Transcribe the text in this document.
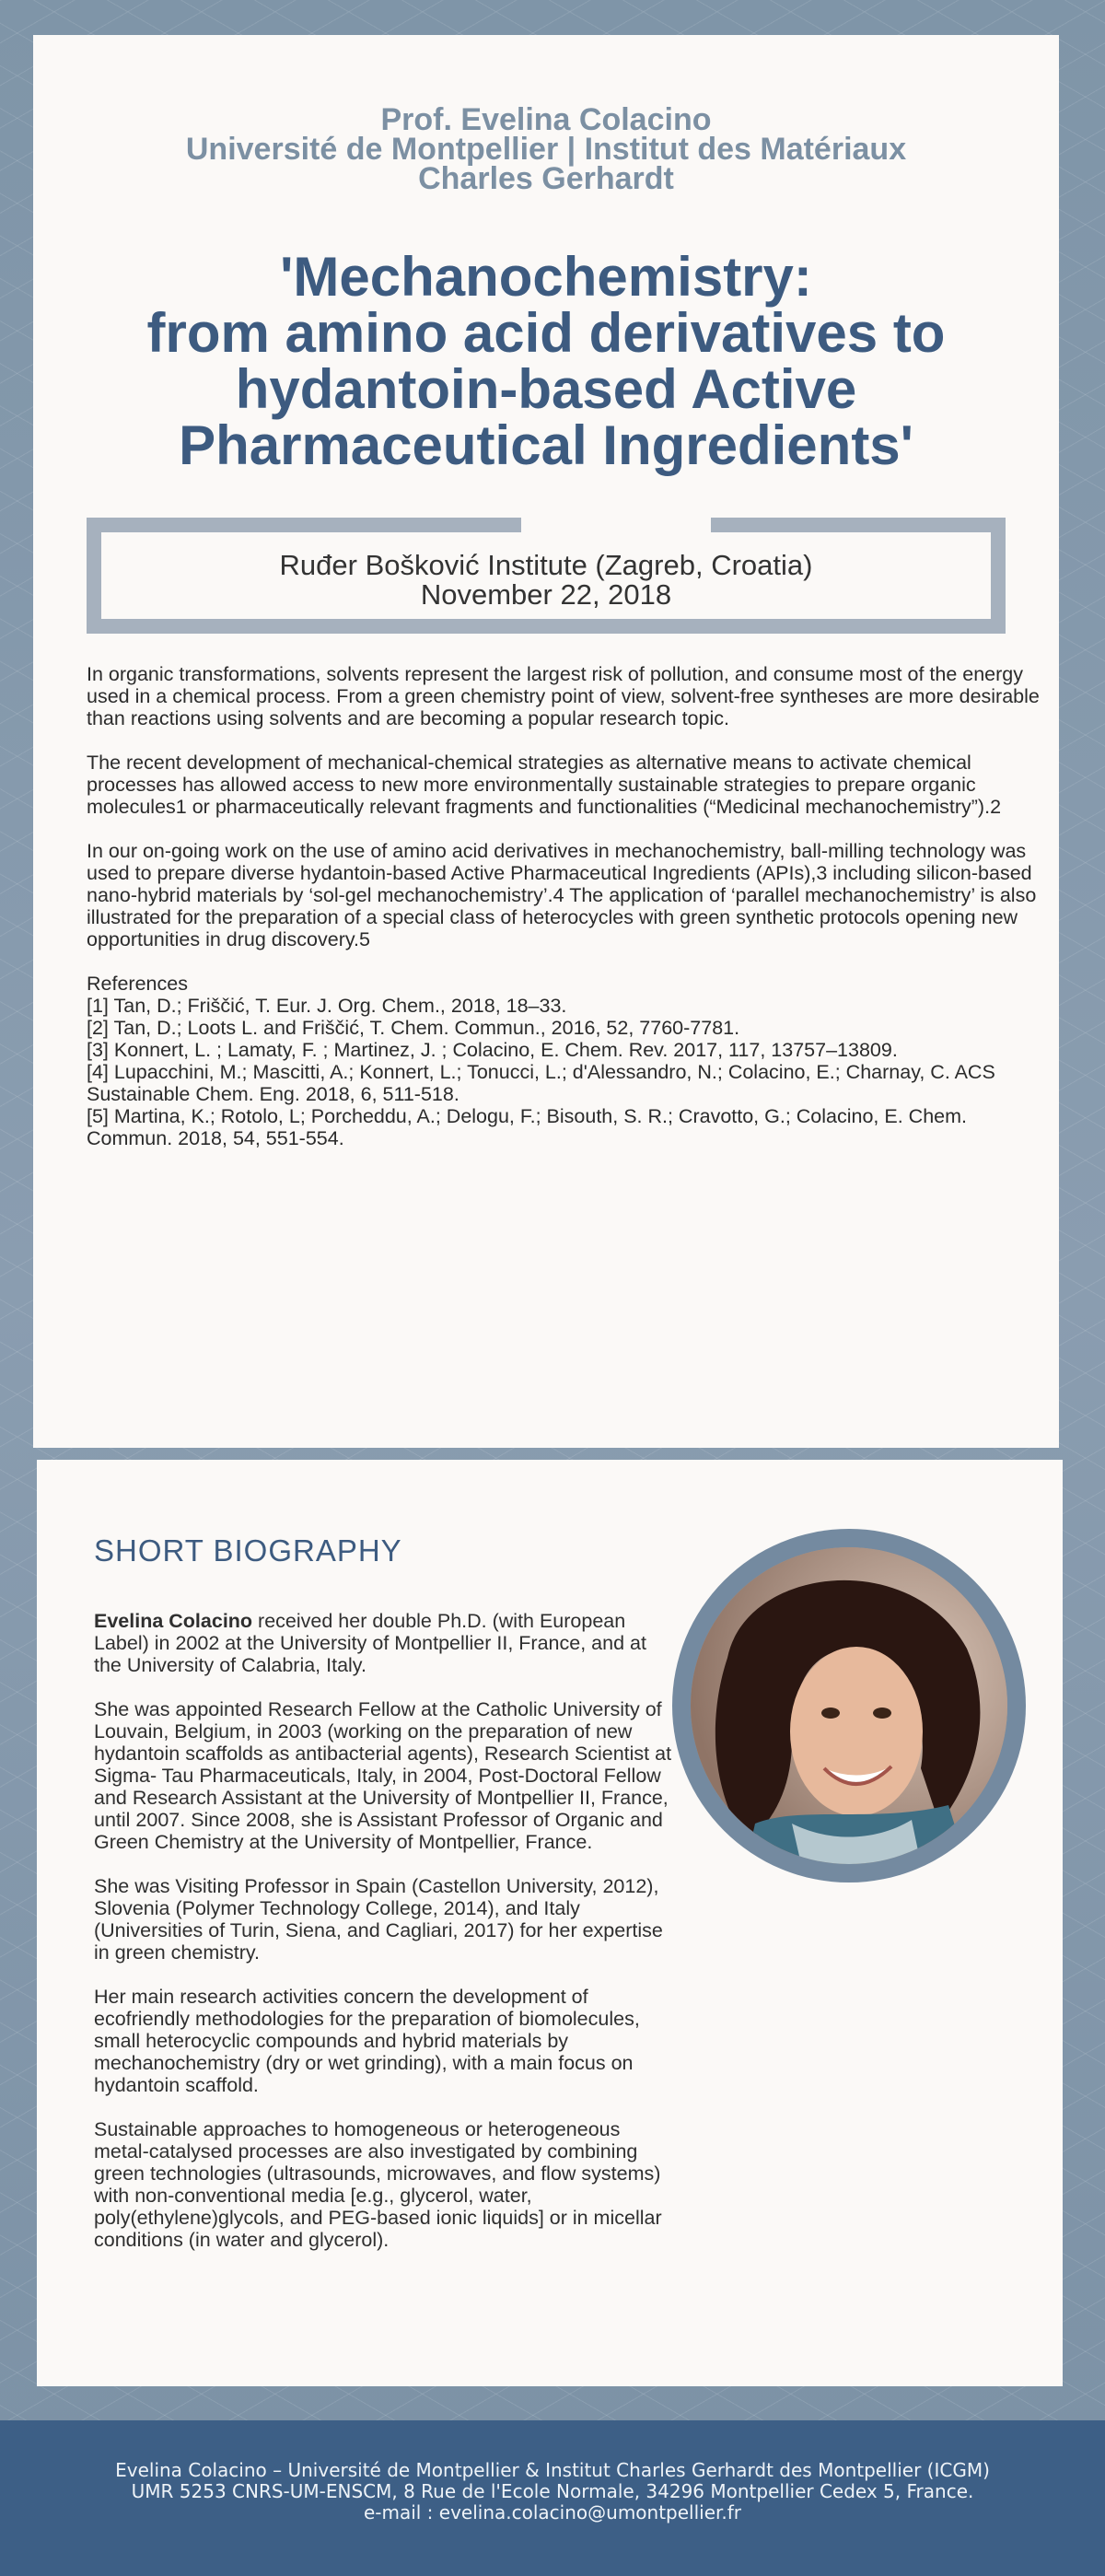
Prof. Evelina Colacino
Université de Montpellier | Institut des Matériaux
Charles Gerhardt
'Mechanochemistry:
from amino acid derivatives to
hydantoin-based Active
Pharmaceutical Ingredients'
Ruđer Bošković Institute (Zagreb, Croatia)
November 22, 2018

In organic transformations, solvents represent the largest risk of pollution, and consume most of the energy used in a chemical process. From a green chemistry point of view, solvent-free syntheses are more desirable than reactions using solvents and are becoming a popular research topic.

The recent development of mechanical-chemical strategies as alternative means to activate chemical processes has allowed access to new more environmentally sustainable strategies to prepare organic molecules1 or pharmaceutically relevant fragments and functionalities (“Medicinal mechanochemistry”).2

In our on-going work on the use of amino acid derivatives in mechanochemistry, ball-milling technology was used to prepare diverse hydantoin-based Active Pharmaceutical Ingredients (APIs),3 including silicon-based nano-hybrid materials by ‘sol-gel mechanochemistry’.4 The application of ‘parallel mechanochemistry’ is also illustrated for the preparation of a special class of heterocycles with green synthetic protocols opening new opportunities in drug discovery.5

References
[1] Tan, D.; Friščić, T. Eur. J. Org. Chem., 2018, 18–33.
[2] Tan, D.; Loots L. and Friščić, T. Chem. Commun., 2016, 52, 7760-7781.
[3] Konnert, L. ; Lamaty, F. ; Martinez, J. ; Colacino, E. Chem. Rev. 2017, 117, 13757–13809.
[4] Lupacchini, M.; Mascitti, A.; Konnert, L.; Tonucci, L.; d'Alessandro, N.; Colacino, E.; Charnay, C. ACS Sustainable Chem. Eng. 2018, 6, 511-518.
[5] Martina, K.; Rotolo, L; Porcheddu, A.; Delogu, F.; Bisouth, S. R.; Cravotto, G.; Colacino, E. Chem. Commun. 2018, 54, 551-554.
SHORT BIOGRAPHY

Evelina Colacino received her double Ph.D. (with European Label) in 2002 at the University of Montpellier II, France, and at the University of Calabria, Italy.

She was appointed Research Fellow at the Catholic University of Louvain, Belgium, in 2003 (working on the preparation of new hydantoin scaffolds as antibacterial agents), Research Scientist at Sigma- Tau Pharmaceuticals, Italy, in 2004, Post-Doctoral Fellow and Research Assistant at the University of Montpellier II, France, until 2007. Since 2008, she is Assistant Professor of Organic and Green Chemistry at the University of Montpellier, France.

She was Visiting Professor in Spain (Castellon University, 2012), Slovenia (Polymer Technology College, 2014), and Italy (Universities of Turin, Siena, and Cagliari, 2017) for her expertise in green chemistry.

Her main research activities concern the development of ecofriendly methodologies for the preparation of biomolecules, small heterocyclic compounds and hybrid materials by mechanochemistry (dry or wet grinding), with a main focus on hydantoin scaffold.

Sustainable approaches to homogeneous or heterogeneous metal-catalysed processes are also investigated by combining green technologies (ultrasounds, microwaves, and flow systems) with non-conventional media [e.g., glycerol, water, poly(ethylene)glycols, and PEG-based ionic liquids] or in micellar conditions (in water and glycerol).

Evelina Colacino – Université de Montpellier & Institut Charles Gerhardt des Montpellier (ICGM)
UMR 5253 CNRS-UM-ENSCM, 8 Rue de l'Ecole Normale, 34296 Montpellier Cedex 5, France.
e-mail : evelina.colacino@umontpellier.fr
